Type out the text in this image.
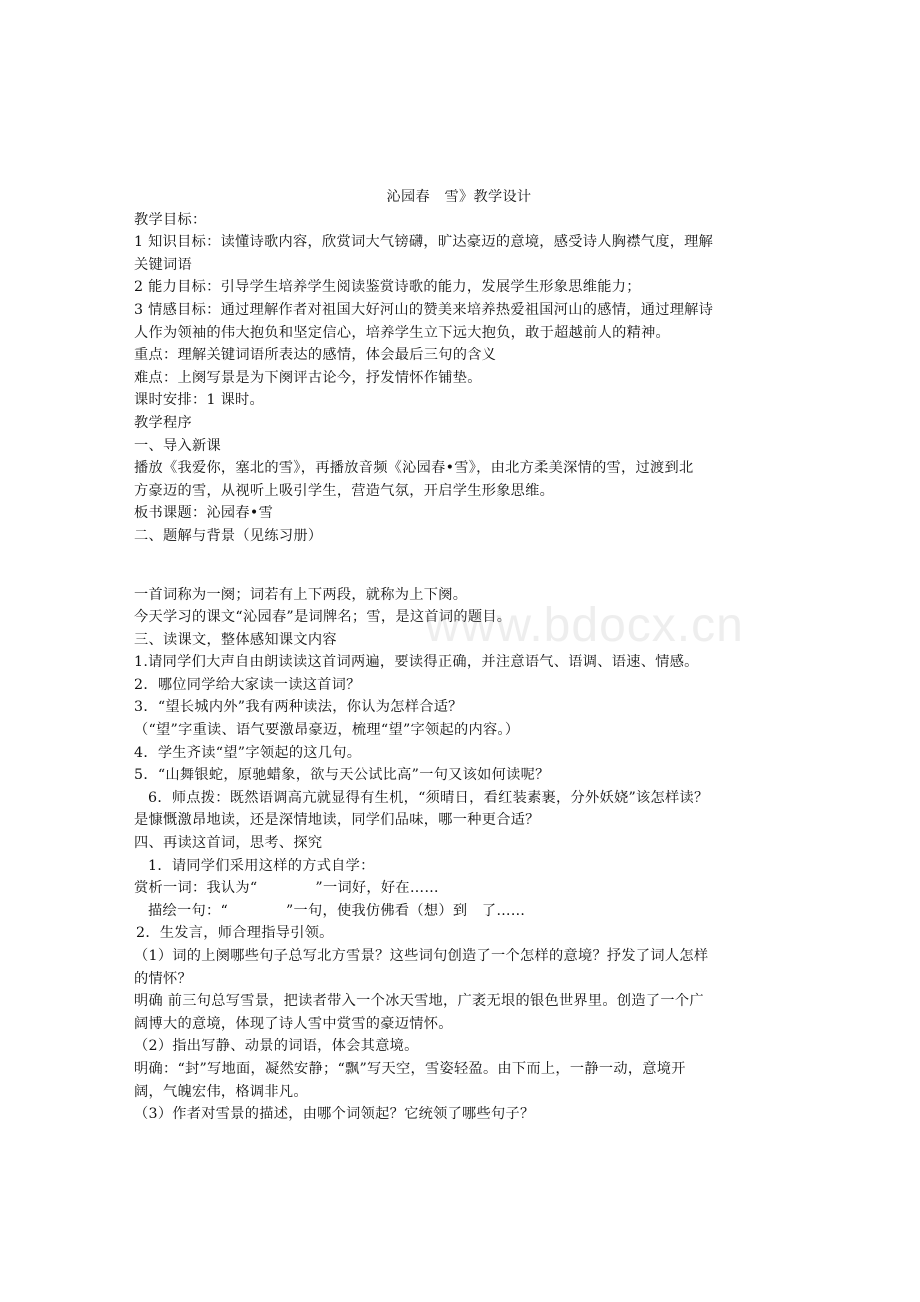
沁园春　雪》教学设计
教学目标：
1 知识目标：读懂诗歌内容，欣赏词大气镑礴，旷达豪迈的意境，感受诗人胸襟气度，理解
关键词语
2 能力目标：引导学生培养学生阅读鉴赏诗歌的能力，发展学生形象思维能力；
3 情感目标：通过理解作者对祖国大好河山的赞美来培养热爱祖国河山的感情，通过理解诗
人作为领袖的伟大抱负和坚定信心，培养学生立下远大抱负，敢于超越前人的精神。
重点：理解关键词语所表达的感情，体会最后三句的含义
难点：上阕写景是为下阕评古论今，抒发情怀作铺垫。
课时安排：1 课时。
教学程序
一、导入新课
播放《我爱你，塞北的雪》，再播放音频《沁园春•雪》，由北方柔美深情的雪，过渡到北
方豪迈的雪，从视听上吸引学生，营造气氛，开启学生形象思维。
板书课题：沁园春•雪
二、题解与背景（见练习册）
一首词称为一阕；词若有上下两段，就称为上下阕。
今天学习的课文“沁园春”是词牌名；雪，是这首词的题目。
三、读课文，整体感知课文内容
1.请同学们大声自由朗读读这首词两遍，要读得正确，并注意语气、语调、语速、情感。
2．哪位同学给大家读一读这首词？
3．“望长城内外”我有两种读法，你认为怎样合适？
（“望”字重读、语气要激昂豪迈，梳理“望”字领起的内容。）
4．学生齐读“望”字领起的这几句。
5．“山舞银蛇，原驰蜡象，欲与天公试比高”一句又该如何读呢？
6．师点拨：既然语调高亢就显得有生机，“须晴日，看红装素裹，分外妖娆”该怎样读？
是慷慨激昂地读，还是深情地读，同学们品味，哪一种更合适？
四、再读这首词，思考、探究
1．请同学们采用这样的方式自学：
赏析一词：我认为“　　　　”一词好，好在……
描绘一句：“　　　　”一句，使我仿佛看（想）到　了……
2．生发言，师合理指导引领。
（1）词的上阕哪些句子总写北方雪景？这些词句创造了一个怎样的意境？抒发了词人怎样
的情怀？
明确 前三句总写雪景，把读者带入一个冰天雪地，广袤无垠的银色世界里。创造了一个广
阔博大的意境，体现了诗人雪中赏雪的豪迈情怀。
（2）指出写静、动景的词语，体会其意境。
明确：“封”写地面，凝然安静；“飘”写天空，雪姿轻盈。由下而上，一静一动，意境开
阔，气魄宏伟，格调非凡。
（3）作者对雪景的描述，由哪个词领起？它统领了哪些句子？
www.bdocx.cn
